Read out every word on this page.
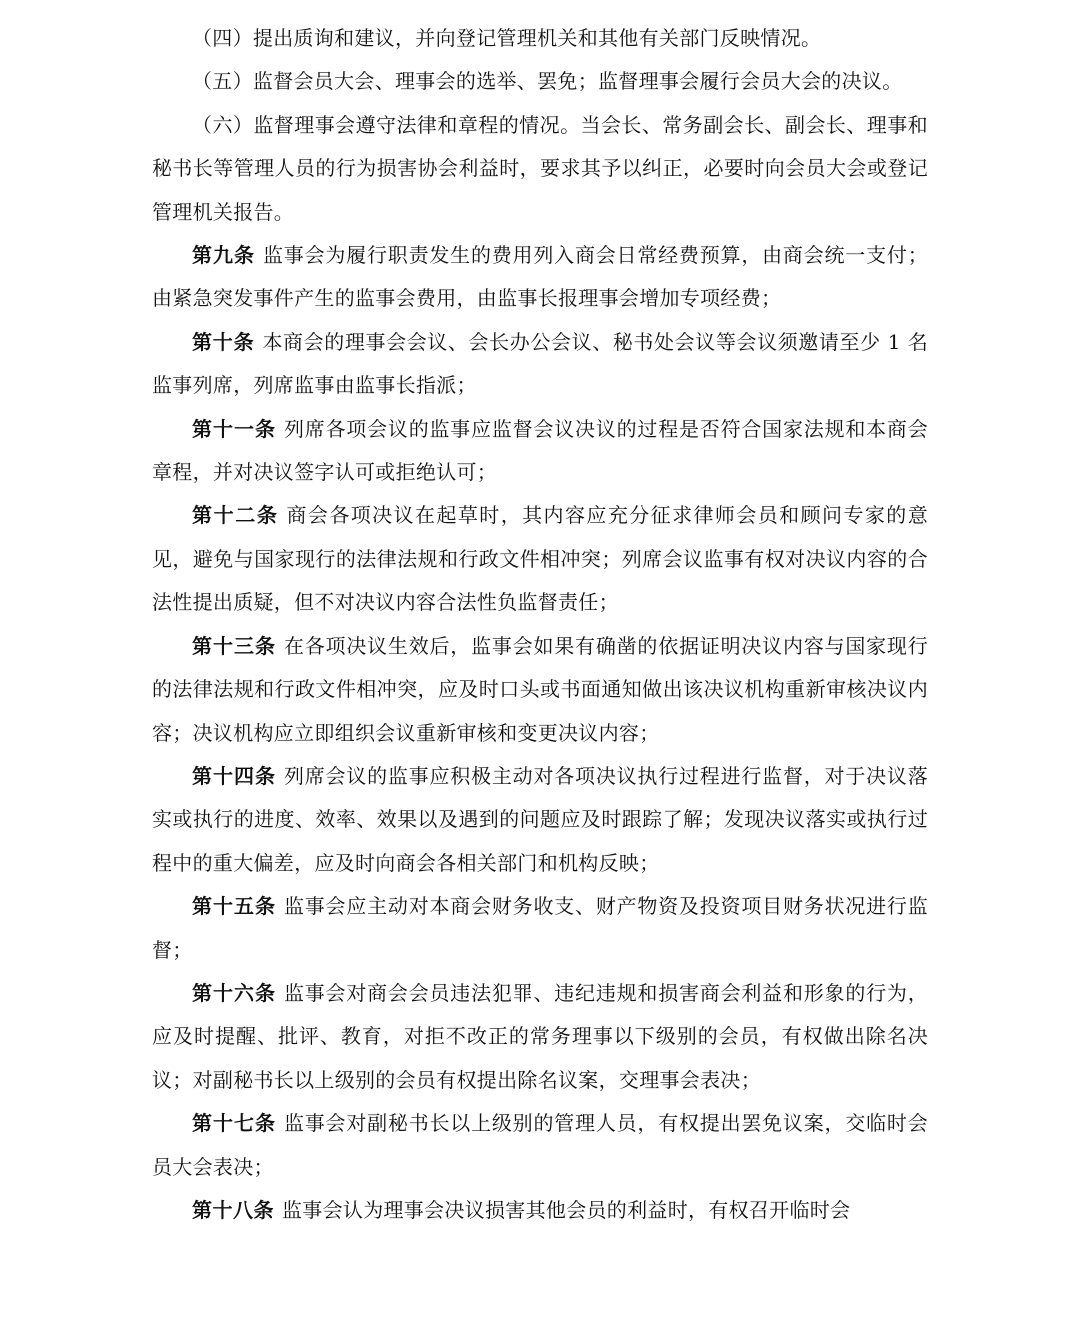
（四）提出质询和建议，并向登记管理机关和其他有关部门反映情况。

（五）监督会员大会、理事会的选举、罢免；监督理事会履行会员大会的决议。

（六）监督理事会遵守法律和章程的情况。当会长、常务副会长、副会长、理事和秘书长等管理人员的行为损害协会利益时，要求其予以纠正，必要时向会员大会或登记管理机关报告。

第九条 监事会为履行职责发生的费用列入商会日常经费预算，由商会统一支付；由紧急突发事件产生的监事会费用，由监事长报理事会增加专项经费；

第十条 本商会的理事会会议、会长办公会议、秘书处会议等会议须邀请至少 1 名监事列席，列席监事由监事长指派；

第十一条 列席各项会议的监事应监督会议决议的过程是否符合国家法规和本商会章程，并对决议签字认可或拒绝认可；

第十二条 商会各项决议在起草时，其内容应充分征求律师会员和顾问专家的意见，避免与国家现行的法律法规和行政文件相冲突；列席会议监事有权对决议内容的合法性提出质疑，但不对决议内容合法性负监督责任；

第十三条 在各项决议生效后，监事会如果有确凿的依据证明决议内容与国家现行的法律法规和行政文件相冲突，应及时口头或书面通知做出该决议机构重新审核决议内容；决议机构应立即组织会议重新审核和变更决议内容；

第十四条 列席会议的监事应积极主动对各项决议执行过程进行监督，对于决议落实或执行的进度、效率、效果以及遇到的问题应及时跟踪了解；发现决议落实或执行过程中的重大偏差，应及时向商会各相关部门和机构反映；

第十五条 监事会应主动对本商会财务收支、财产物资及投资项目财务状况进行监督；

第十六条 监事会对商会会员违法犯罪、违纪违规和损害商会利益和形象的行为，应及时提醒、批评、教育，对拒不改正的常务理事以下级别的会员，有权做出除名决议；对副秘书长以上级别的会员有权提出除名议案，交理事会表决；

第十七条 监事会对副秘书长以上级别的管理人员，有权提出罢免议案，交临时会员大会表决；

第十八条 监事会认为理事会决议损害其他会员的利益时，有权召开临时会
